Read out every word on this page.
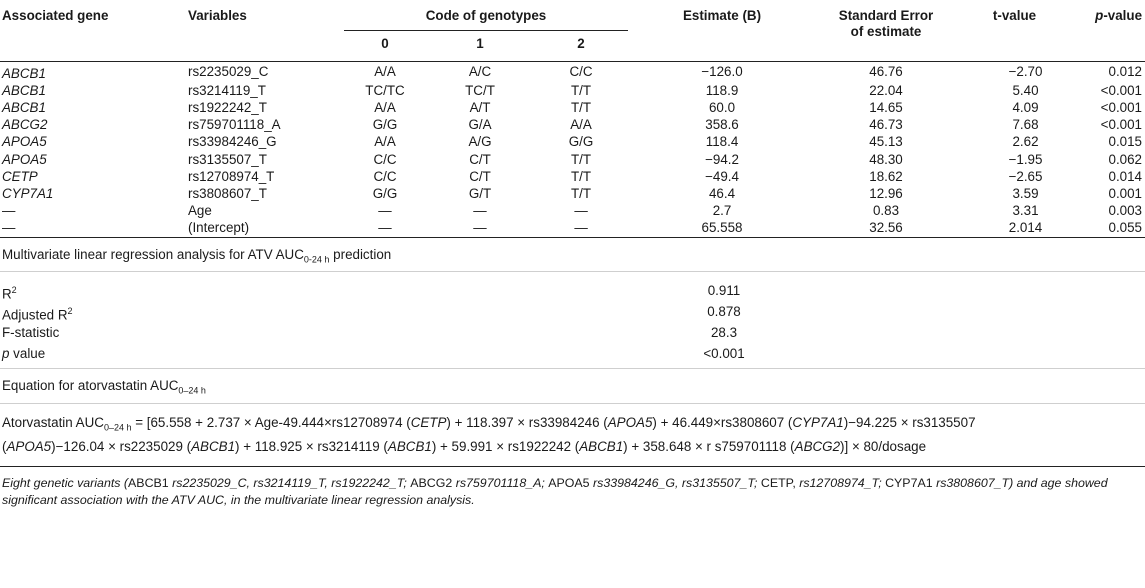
Associated gene	Variables	Code of genotypes			Estimate (B)	Standard Error
of estimate	t-value	p-value
		0	1	2				
ABCB1	rs2235029_C	A/A	A/C	C/C	−126.0	46.76	−2.70	0.012
ABCB1	rs3214119_T	TC/TC	TC/T	T/T	118.9	22.04	5.40	<0.001
ABCB1	rs1922242_T	A/A	A/T	T/T	60.0	14.65	4.09	<0.001
ABCG2	rs759701118_A	G/G	G/A	A/A	358.6	46.73	7.68	<0.001
APOA5	rs33984246_G	A/A	A/G	G/G	118.4	45.13	2.62	0.015
APOA5	rs3135507_T	C/C	C/T	T/T	−94.2	48.30	−1.95	0.062
CETP	rs12708974_T	C/C	C/T	T/T	−49.4	18.62	−2.65	0.014
CYP7A1	rs3808607_T	G/G	G/T	T/T	46.4	12.96	3.59	0.001
—	Age	—	—	—	2.7	0.83	3.31	0.003
—	(Intercept)	—	—	—	65.558	32.56	2.014	0.055
Multivariate linear regression analysis for ATV $AUC_{0-24 h}$ prediction
$R^2$	0.911
Adjusted $R^2$	0.878
F-statistic	28.3
p value	<0.001
Equation for atorvastatin $AUC_{0-24 h}$
Atorvastatin $AUC_{0-24 h} = [65.558 + 2.737 \times Age-49.444\times rs12708974$ (CETP) + 118.397 × rs33984246 (APOA5) + 46.449×rs3808607 (CYP7A1)−94.225 × rs3135507
(APOA5)−126.04 × rs2235029 (ABCB1) + 118.925 × rs3214119 (ABCB1) + 59.991 × rs1922242 (ABCB1) + 358.648 × r s759701118 (ABCG2)] × 80/dosage
Eight genetic variants (ABCB1 rs2235029_C, rs3214119_T, rs1922242_T; ABCG2 rs759701118_A; APOA5 rs33984246_G, rs3135507_T; CETP, rs12708974_T; CYP7A1 rs3808607_T) and age showed significant association with the ATV AUC, in the multivariate linear regression analysis.
